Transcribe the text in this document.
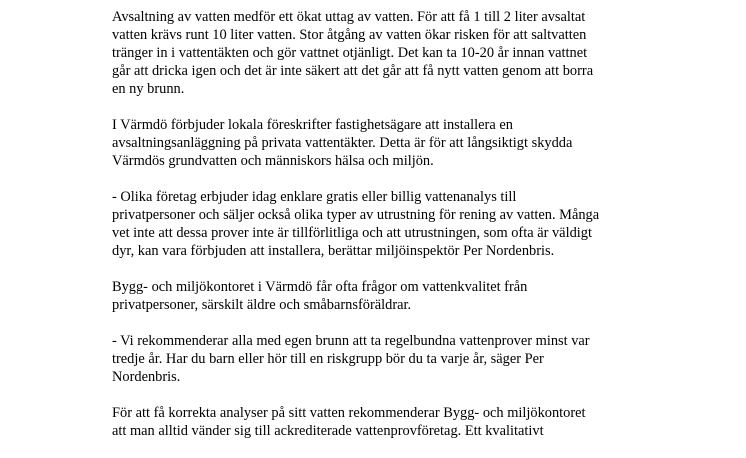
Avsaltning av vatten medför ett ökat uttag av vatten. För att få 1 till 2 liter avsaltat
vatten krävs runt 10 liter vatten. Stor åtgång av vatten ökar risken för att saltvatten
tränger in i vattentäkten och gör vattnet otjänligt. Det kan ta 10-20 år innan vattnet
går att dricka igen och det är inte säkert att det går att få nytt vatten genom att borra
en ny brunn.

I Värmdö förbjuder lokala föreskrifter fastighetsägare att installera en
avsaltningsanläggning på privata vattentäkter. Detta är för att långsiktigt skydda
Värmdös grundvatten och människors hälsa och miljön.

- Olika företag erbjuder idag enklare gratis eller billig vattenanalys till
privatpersoner och säljer också olika typer av utrustning för rening av vatten. Många
vet inte att dessa prover inte är tillförlitliga och att utrustningen, som ofta är väldigt
dyr, kan vara förbjuden att installera, berättar miljöinspektör Per Nordenbris.

Bygg- och miljökontoret i Värmdö får ofta frågor om vattenkvalitet från
privatpersoner, särskilt äldre och småbarnsföräldrar.

- Vi rekommenderar alla med egen brunn att ta regelbundna vattenprover minst var
tredje år. Har du barn eller hör till en riskgrupp bör du ta varje år, säger Per
Nordenbris.

För att få korrekta analyser på sitt vatten rekommenderar Bygg- och miljökontoret
att man alltid vänder sig till ackrediterade vattenprovföretag. Ett kvalitativt
